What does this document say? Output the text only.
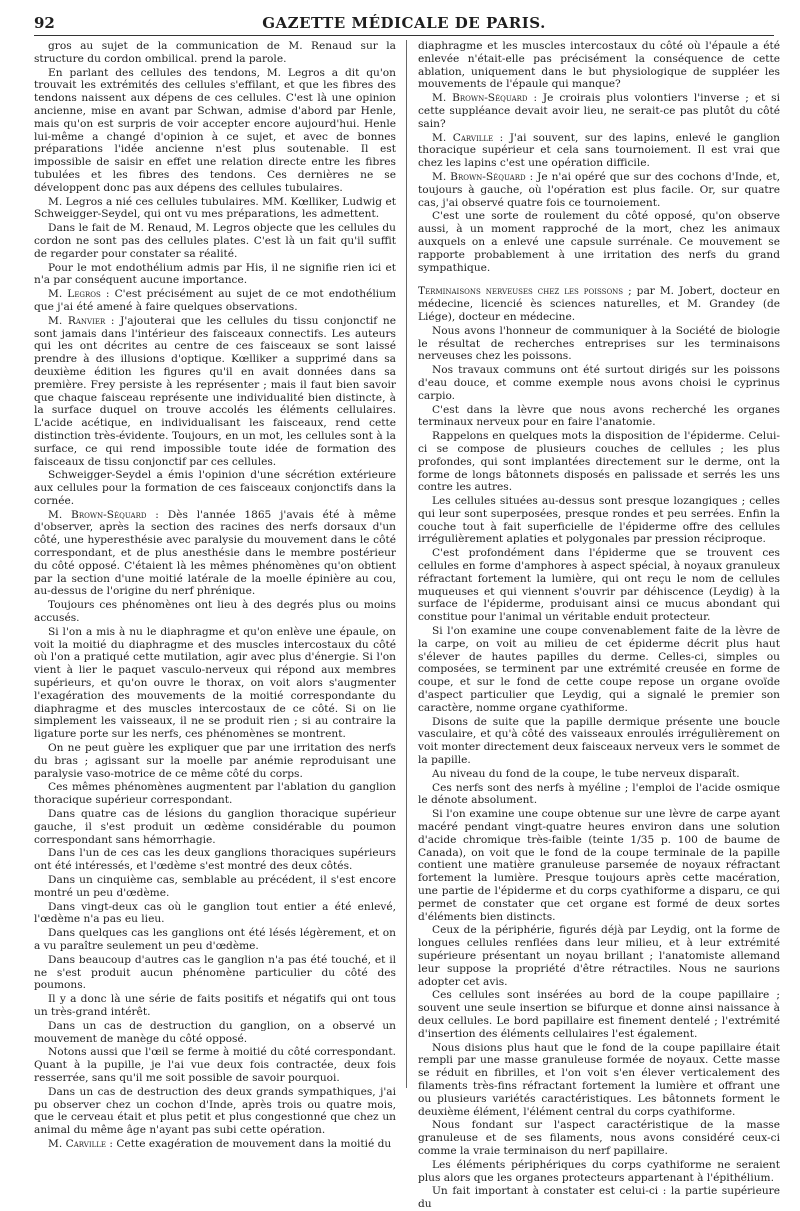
92	GAZETTE MÉDICALE DE PARIS.

gros au sujet de la communication de M. Renaud sur la structure du cordon ombilical. prend la parole.

En parlant des cellules des tendons, M. Legros a dit qu'on trouvait les extrémités des cellules s'effilant, et que les fibres des tendons naissent aux dépens de ces cellules. C'est là une opinion ancienne, mise en avant par Schwan, admise d'abord par Henle, mais qu'on est surpris de voir accepter encore aujourd'hui. Henle lui-même a changé d'opinion à ce sujet, et avec de bonnes préparations l'idée ancienne n'est plus soutenable. Il est impossible de saisir en effet une relation directe entre les fibres tubulées et les fibres des tendons. Ces dernières ne se développent donc pas aux dépens des cellules tubulaires.

M. Legros a nié ces cellules tubulaires. MM. Kœlliker, Ludwig et Schweigger-Seydel, qui ont vu mes préparations, les admettent.

Dans le fait de M. Renaud, M. Legros objecte que les cellules du cordon ne sont pas des cellules plates. C'est là un fait qu'il suffit de regarder pour constater sa réalité.

Pour le mot endothélium admis par His, il ne signifie rien ici et n'a par conséquent aucune importance.

M. Legros : C'est précisément au sujet de ce mot endothélium que j'ai été amené à faire quelques observations.

M. Ranvier : J'ajouterai que les cellules du tissu conjonctif ne sont jamais dans l'intérieur des faisceaux connectifs. Les auteurs qui les ont décrites au centre de ces faisceaux se sont laissé prendre à des illusions d'optique. Kœlliker a supprimé dans sa deuxième édition les figures qu'il en avait données dans sa première. Frey persiste à les représenter ; mais il faut bien savoir que chaque faisceau représente une individualité bien distincte, à la surface duquel on trouve accolés les éléments cellulaires. L'acide acétique, en individualisant les faisceaux, rend cette distinction très-évidente. Toujours, en un mot, les cellules sont à la surface, ce qui rend impossible toute idée de formation des faisceaux de tissu conjonctif par ces cellules.

Schweigger-Seydel a émis l'opinion d'une sécrétion extérieure aux cellules pour la formation de ces faisceaux conjonctifs dans la cornée.

M. Brown-Séquard : Dès l'année 1865 j'avais été à même d'observer, après la section des racines des nerfs dorsaux d'un côté, une hyperesthésie avec paralysie du mouvement dans le côté correspondant, et de plus anesthésie dans le membre postérieur du côté opposé. C'étaient là les mêmes phénomènes qu'on obtient par la section d'une moitié latérale de la moelle épinière au cou, au-dessus de l'origine du nerf phrénique.

Toujours ces phénomènes ont lieu à des degrés plus ou moins accusés.

Si l'on a mis à nu le diaphragme et qu'on enlève une épaule, on voit la moitié du diaphragme et des muscles intercostaux du côté où l'on a pratiqué cette mutilation, agir avec plus d'énergie. Si l'on vient à lier le paquet vasculo-nerveux qui répond aux membres supérieurs, et qu'on ouvre le thorax, on voit alors s'augmenter l'exagération des mouvements de la moitié correspondante du diaphragme et des muscles intercostaux de ce côté. Si on lie simplement les vaisseaux, il ne se produit rien ; si au contraire la ligature porte sur les nerfs, ces phénomènes se montrent.

On ne peut guère les expliquer que par une irritation des nerfs du bras ; agissant sur la moelle par anémie reproduisant une paralysie vaso-motrice de ce même côté du corps.

Ces mêmes phénomènes augmentent par l'ablation du ganglion thoracique supérieur correspondant.

Dans quatre cas de lésions du ganglion thoracique supérieur gauche, il s'est produit un œdème considérable du poumon correspondant sans hémorrhagie.

Dans l'un de ces cas les deux ganglions thoraciques supérieurs ont été intéressés, et l'œdème s'est montré des deux côtés.

Dans un cinquième cas, semblable au précédent, il s'est encore montré un peu d'œdème.

Dans vingt-deux cas où le ganglion tout entier a été enlevé, l'œdème n'a pas eu lieu.

Dans quelques cas les ganglions ont été lésés légèrement, et on a vu paraître seulement un peu d'œdème.

Dans beaucoup d'autres cas le ganglion n'a pas été touché, et il ne s'est produit aucun phénomène particulier du côté des poumons.

Il y a donc là une série de faits positifs et négatifs qui ont tous un très-grand intérêt.

Dans un cas de destruction du ganglion, on a observé un mouvement de manège du côté opposé.

Notons aussi que l'œil se ferme à moitié du côté correspondant. Quant à la pupille, je l'ai vue deux fois contractée, deux fois resserrée, sans qu'il me soit possible de savoir pourquoi.

Dans un cas de destruction des deux grands sympathiques, j'ai pu observer chez un cochon d'Inde, après trois ou quatre mois, que le cerveau était et plus petit et plus congestionné que chez un animal du même âge n'ayant pas subi cette opération.

M. Carville : Cette exagération de mouvement dans la moitié du

diaphragme et les muscles intercostaux du côté où l'épaule a été enlevée n'était-elle pas précisément la conséquence de cette ablation, uniquement dans le but physiologique de suppléer les mouvements de l'épaule qui manque?

M. Brown-Séquard : Je croirais plus volontiers l'inverse ; et si cette suppléance devait avoir lieu, ne serait-ce pas plutôt du côté sain?

M. Carville : J'ai souvent, sur des lapins, enlevé le ganglion thoracique supérieur et cela sans tournoiement. Il est vrai que chez les lapins c'est une opération difficile.

M. Brown-Séquard : Je n'ai opéré que sur des cochons d'Inde, et, toujours à gauche, où l'opération est plus facile. Or, sur quatre cas, j'ai observé quatre fois ce tournoiement.

C'est une sorte de roulement du côté opposé, qu'on observe aussi, à un moment rapproché de la mort, chez les animaux auxquels on a enlevé une capsule surrénale. Ce mouvement se rapporte probablement à une irritation des nerfs du grand sympathique.

Terminaisons nerveuses chez les poissons ; par M. Jobert, docteur en médecine, licencié ès sciences naturelles, et M. Grandey (de Liége), docteur en médecine.

Nous avons l'honneur de communiquer à la Société de biologie le résultat de recherches entreprises sur les terminaisons nerveuses chez les poissons.

Nos travaux communs ont été surtout dirigés sur les poissons d'eau douce, et comme exemple nous avons choisi le cyprinus carpio.

C'est dans la lèvre que nous avons recherché les organes terminaux nerveux pour en faire l'anatomie.

Rappelons en quelques mots la disposition de l'épiderme. Celui-ci se compose de plusieurs couches de cellules ; les plus profondes, qui sont implantées directement sur le derme, ont la forme de longs bâtonnets disposés en palissade et serrés les uns contre les autres.

Les cellules situées au-dessus sont presque lozangiques ; celles qui leur sont superposées, presque rondes et peu serrées. Enfin la couche tout à fait superficielle de l'épiderme offre des cellules irrégulièrement aplaties et polygonales par pression réciproque.

C'est profondément dans l'épiderme que se trouvent ces cellules en forme d'amphores à aspect spécial, à noyaux granuleux réfractant fortement la lumière, qui ont reçu le nom de cellules muqueuses et qui viennent s'ouvrir par déhiscence (Leydig) à la surface de l'épiderme, produisant ainsi ce mucus abondant qui constitue pour l'animal un véritable enduit protecteur.

Si l'on examine une coupe convenablement faite de la lèvre de la carpe, on voit au milieu de cet épiderme décrit plus haut s'élever de hautes papilles du derme. Celles-ci, simples ou composées, se terminent par une extrémité creusée en forme de coupe, et sur le fond de cette coupe repose un organe ovoïde d'aspect particulier que Leydig, qui a signalé le premier son caractère, nomme organe cyathiforme.

Disons de suite que la papille dermique présente une boucle vasculaire, et qu'à côté des vaisseaux enroulés irrégulièrement on voit monter directement deux faisceaux nerveux vers le sommet de la papille.

Au niveau du fond de la coupe, le tube nerveux disparaît.

Ces nerfs sont des nerfs à myéline ; l'emploi de l'acide osmique le dénote absolument.

Si l'on examine une coupe obtenue sur une lèvre de carpe ayant macéré pendant vingt-quatre heures environ dans une solution d'acide chromique très-faible (teinte 1/35 p. 100 de baume de Canada), on voit que le fond de la coupe terminale de la papille contient une matière granuleuse parsemée de noyaux réfractant fortement la lumière. Presque toujours après cette macération, une partie de l'épiderme et du corps cyathiforme a disparu, ce qui permet de constater que cet organe est formé de deux sortes d'éléments bien distincts.

Ceux de la périphérie, figurés déjà par Leydig, ont la forme de longues cellules renflées dans leur milieu, et à leur extrémité supérieure présentant un noyau brillant ; l'anatomiste allemand leur suppose la propriété d'être rétractiles. Nous ne saurions adopter cet avis.

Ces cellules sont insérées au bord de la coupe papillaire ; souvent une seule insertion se bifurque et donne ainsi naissance à deux cellules. Le bord papillaire est finement dentelé ; l'extrémité d'insertion des éléments cellulaires l'est également.

Nous disions plus haut que le fond de la coupe papillaire était rempli par une masse granuleuse formée de noyaux. Cette masse se réduit en fibrilles, et l'on voit s'en élever verticalement des filaments très-fins réfractant fortement la lumière et offrant une ou plusieurs variétés caractéristiques. Les bâtonnets forment le deuxième élément, l'élément central du corps cyathiforme.

Nous fondant sur l'aspect caractéristique de la masse granuleuse et de ses filaments, nous avons considéré ceux-ci comme la vraie terminaison du nerf papillaire.

Les éléments périphériques du corps cyathiforme ne seraient plus alors que les organes protecteurs appartenant à l'épithélium.

Un fait important à constater est celui-ci : la partie supérieure du
